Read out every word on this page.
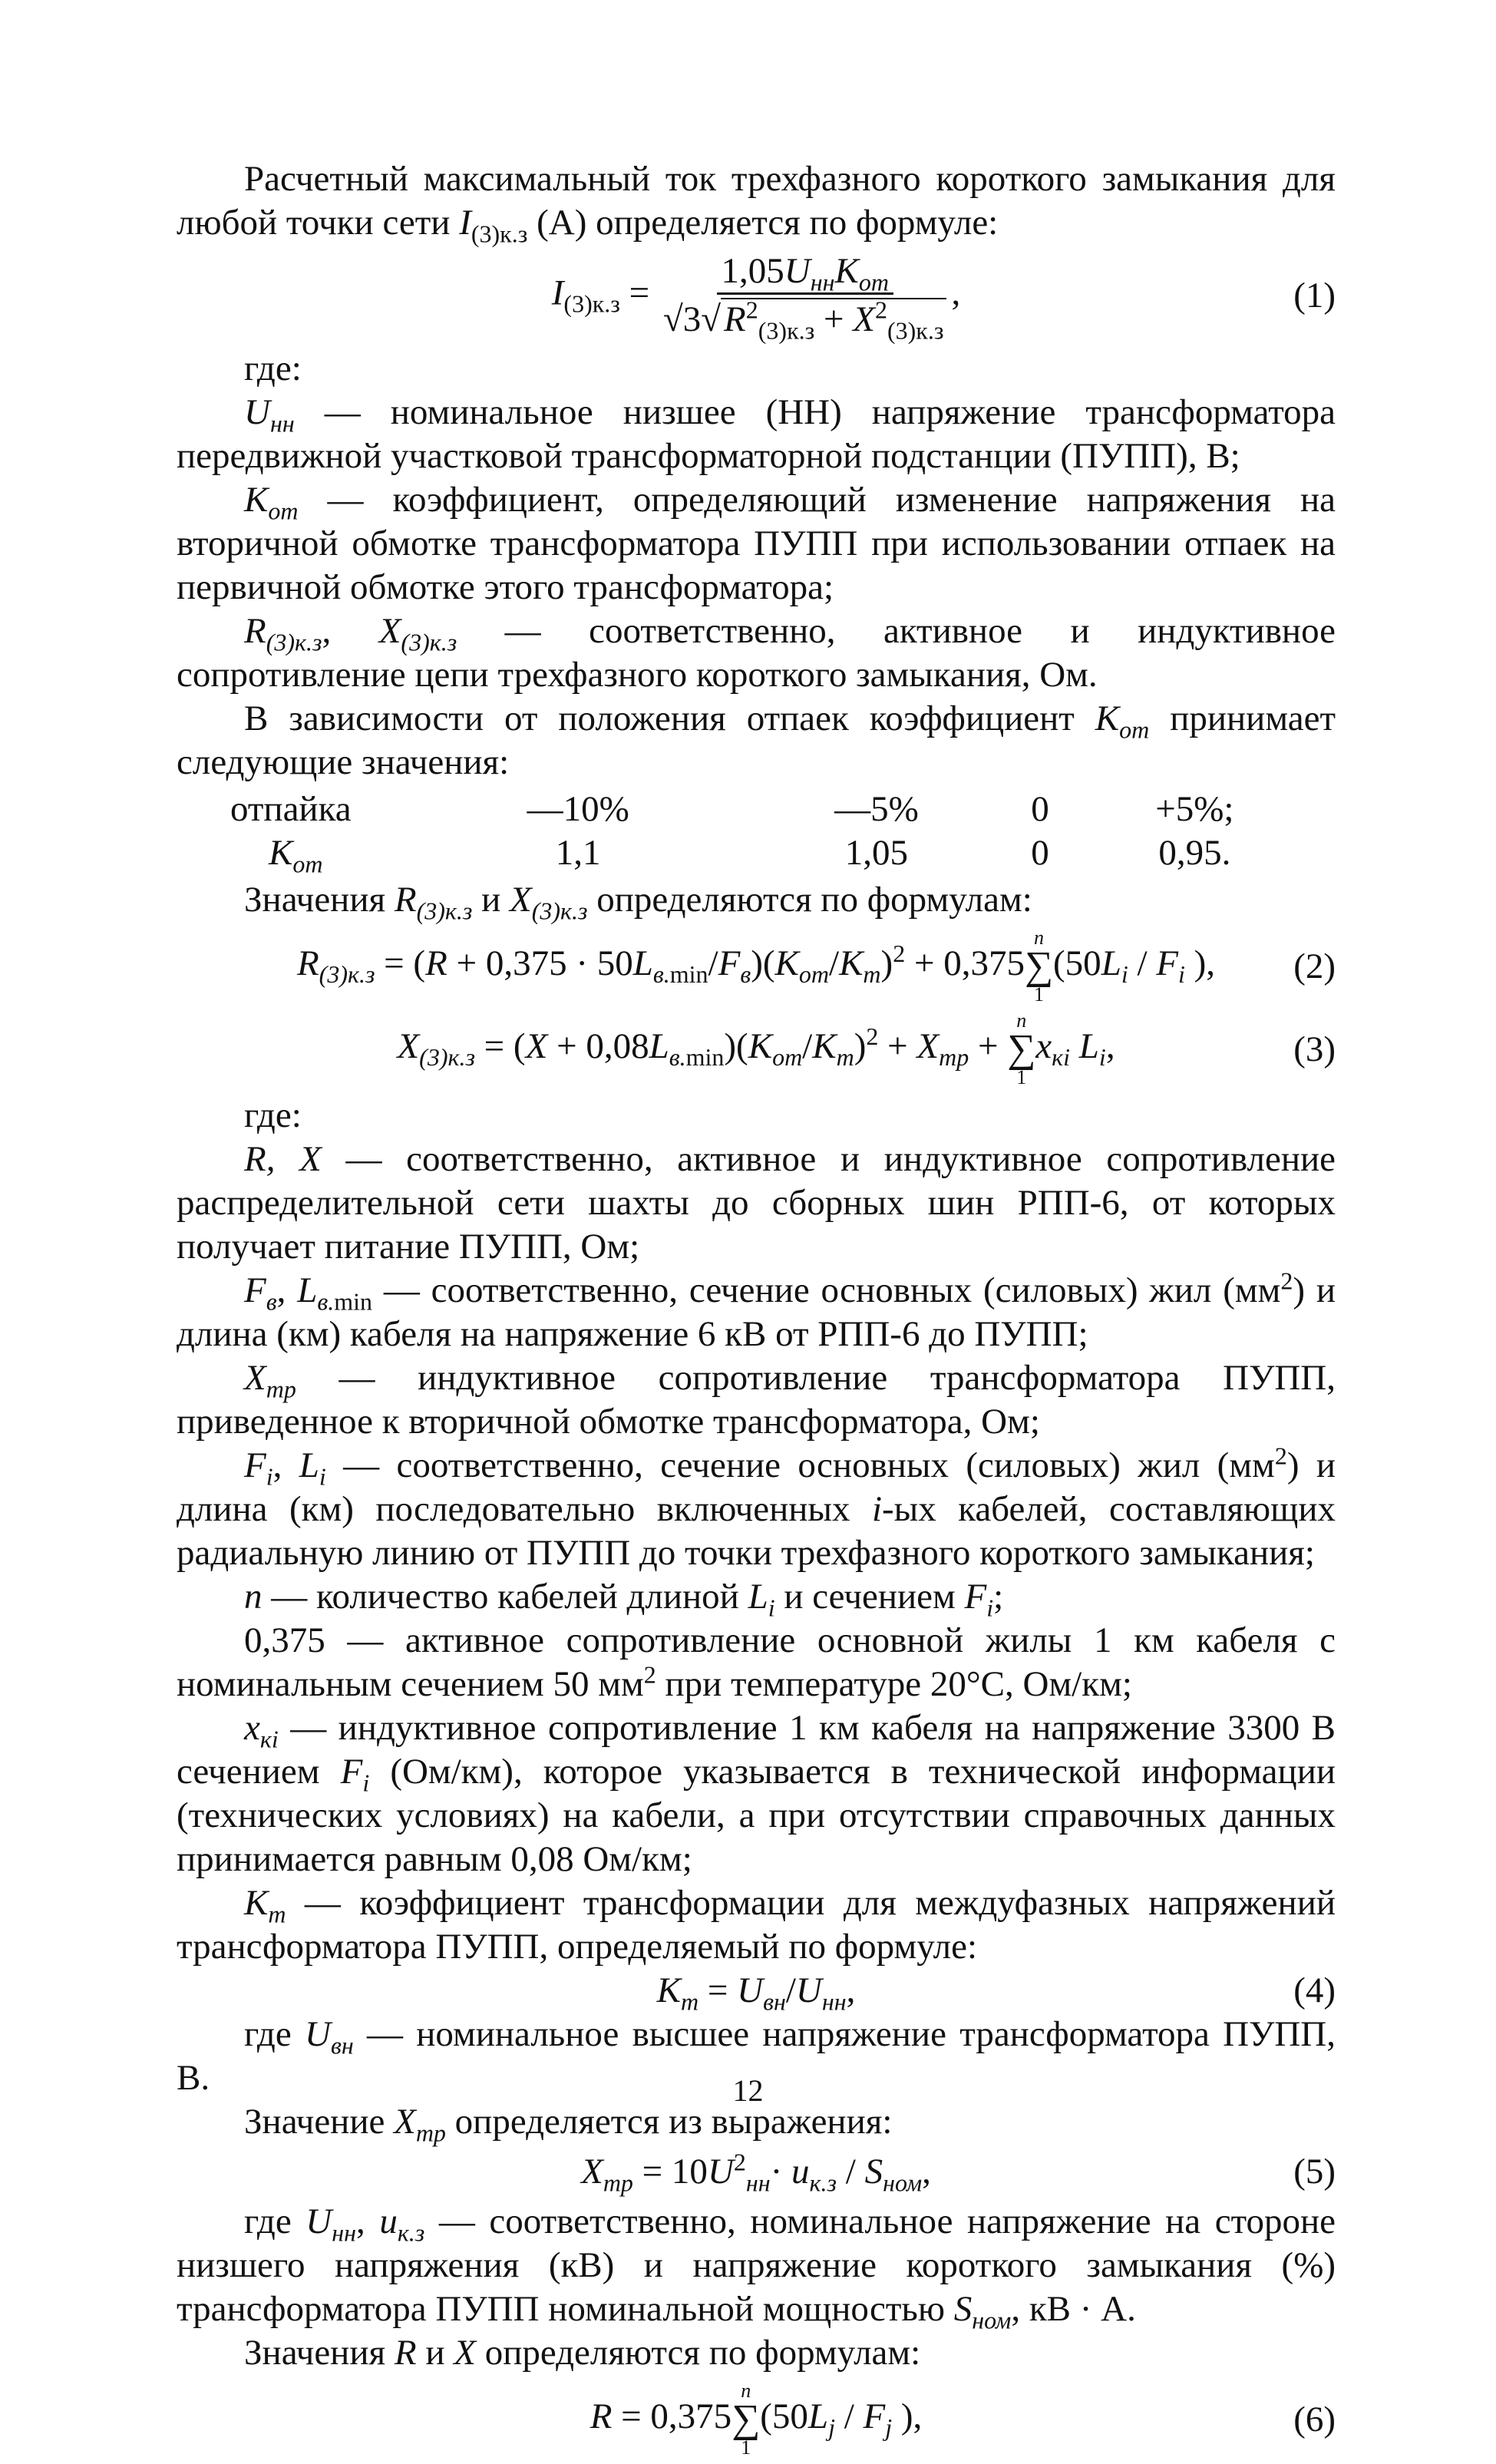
Расчетный максимальный ток трехфазного короткого замыкания для любой точки сети $I_{(3)к.з}$ (А) определяется по формуле:

$I_{(3)к.з} = \frac{1,05U_{нн}K_{от}}{√3√R^2_{(3)к.з} + X^2_{(3)к.з}}$ ,	(1)

где:

$U_{нн}$ — номинальное низшее (НН) напряжение трансформатора передвижной участковой трансформаторной подстанции (ПУПП), В;

$K_{от}$ — коэффициент, определяющий изменение напряжения на вторичной обмотке трансформатора ПУПП при использовании отпаек на первичной обмотке этого трансформатора;

$R_{(3)к.з}$, $X_{(3)к.з}$ — соответственно, активное и индуктивное сопротивление цепи трехфазного короткого замыкания, Ом.

В зависимости от положения отпаек коэффициент $K_{от}$ принимает следующие значения:

отпайка	—10%	—5%	0	+5%;
$K_{от}$	1,1	1,05	0	0,95.

Значения $R_{(3)к.з}$ и $X_{(3)к.з}$ определяются по формулам:

$R_{(3)к.з} = (R + 0,375 \cdot 50L_{в.min}/F_в)(K_{от}/K_т)^2 + 0,375$
n
∑
1
($50L_i / F_i$ ), (2)
$X_{(3)к.з} = (X + 0,08L_{в.min})(K_{от}/K_т)^2 + X_{тр}$ +
n
∑
1
$x_{кi}$ $L_i$,	(3)

где:

R, X — соответственно, активное и индуктивное сопротивление распределительной сети шахты до сборных шин РПП-6, от которых получает питание ПУПП, Ом;

$F_в$, $L_{в.min}$ — соответственно, сечение основных (силовых) жил $(мм^2)$ и длина (км) кабеля на напряжение 6 кВ от РПП-6 до ПУПП;

$X_{тр}$ — индуктивное сопротивление трансформатора ПУПП, приведенное к вторичной обмотке трансформатора, Ом;

$F_i$, $L_i$ — соответственно, сечение основных (силовых) жил $(мм^2)$ и длина (км) последовательно включенных i-ых кабелей, составляющих радиальную линию от ПУПП до точки трехфазного короткого замыкания;

n — количество кабелей длиной $L_i$ и сечением $F_i$;

0,375 — активное сопротивление основной жилы 1 км кабеля с номинальным сечением 50 $мм^2$ при температуре 20°С, Ом/км;

$x_{кi}$ — индуктивное сопротивление 1 км кабеля на напряжение 3300 В сечением $F_i$ (Ом/км), которое указывается в технической информации (технических условиях) на кабели, а при отсутствии справочных данных принимается равным 0,08 Ом/км;

$K_т$ — коэффициент трансформации для междуфазных напряжений трансформатора ПУПП, определяемый по формуле:

$K_т = U_{вн}/U_{нн}$,	(4)

где $U_{вн}$ — номинальное высшее напряжение трансформатора ПУПП, В.

Значение $X_{тр}$ определяется из выражения:

$X_{тр} = 10U^2_{нн}\cdot u_{к.з} / S_{ном}$,	(5)

где $U_{нн}$, $u_{к.з}$ — соответственно, номинальное напряжение на стороне низшего напряжения (кВ) и напряжение короткого замыкания (%) трансформатора ПУПП номинальной мощностью $S_{ном}$, кВ · А.

Значения R и X определяются по формулам:

R = 0,375
n
∑
1
($50L_j / F_j$ ),	(6)
12
